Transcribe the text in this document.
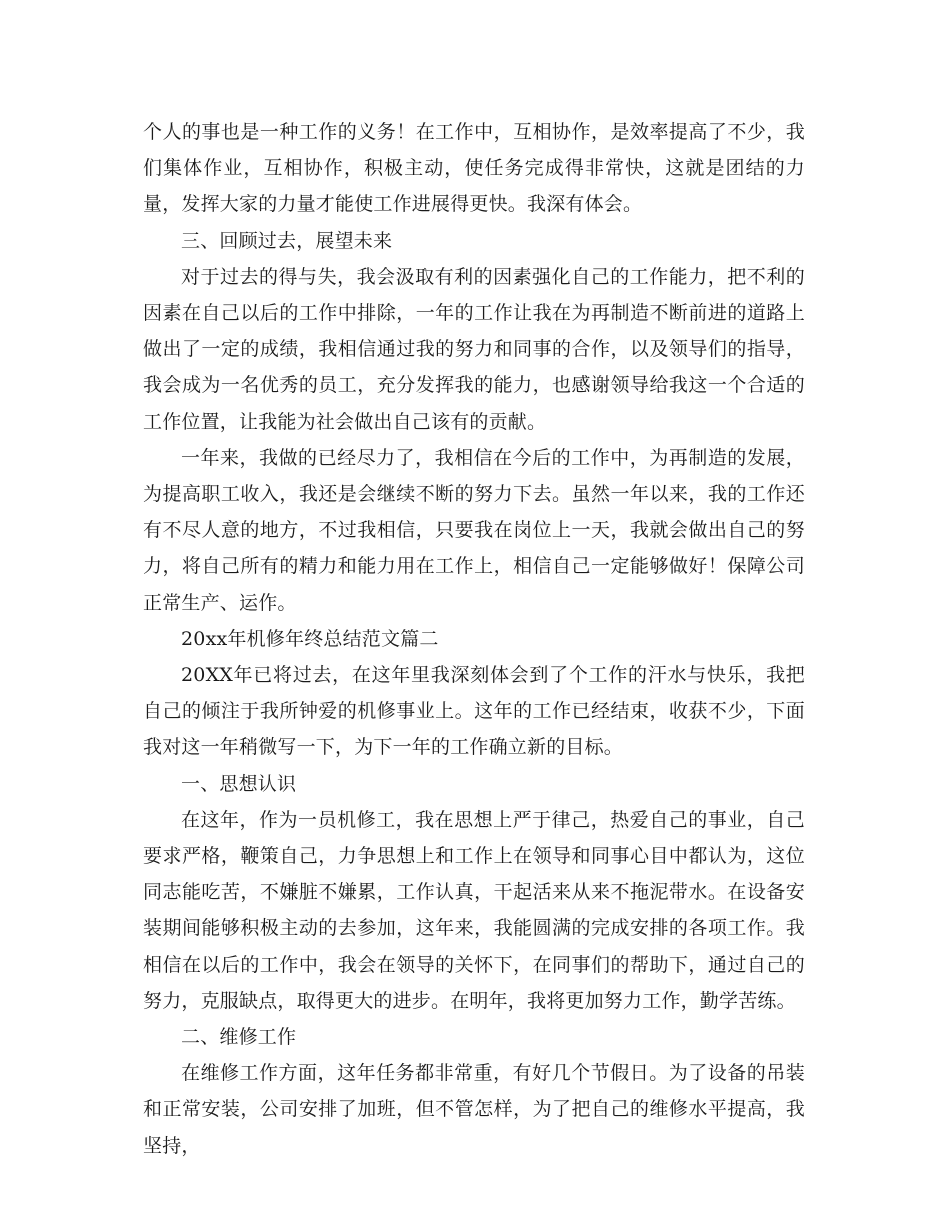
个人的事也是一种工作的义务！在工作中，互相协作，是效率提高了不少，我们集体作业，互相协作，积极主动，使任务完成得非常快，这就是团结的力量，发挥大家的力量才能使工作进展得更快。我深有体会。

三、回顾过去，展望未来

对于过去的得与失，我会汲取有利的因素强化自己的工作能力，把不利的因素在自己以后的工作中排除，一年的工作让我在为再制造不断前进的道路上做出了一定的成绩，我相信通过我的努力和同事的合作，以及领导们的指导，我会成为一名优秀的员工，充分发挥我的能力，也感谢领导给我这一个合适的工作位置，让我能为社会做出自己该有的贡献。

一年来，我做的已经尽力了，我相信在今后的工作中，为再制造的发展，为提高职工收入，我还是会继续不断的努力下去。虽然一年以来，我的工作还有不尽人意的地方，不过我相信，只要我在岗位上一天，我就会做出自己的努力，将自己所有的精力和能力用在工作上，相信自己一定能够做好！保障公司正常生产、运作。

20xx年机修年终总结范文篇二

20XX年已将过去，在这年里我深刻体会到了个工作的汗水与快乐，我把自己的倾注于我所钟爱的机修事业上。这年的工作已经结束，收获不少，下面我对这一年稍微写一下，为下一年的工作确立新的目标。

一、思想认识

在这年，作为一员机修工，我在思想上严于律己，热爱自己的事业，自己要求严格，鞭策自己，力争思想上和工作上在领导和同事心目中都认为，这位同志能吃苦，不嫌脏不嫌累，工作认真，干起活来从来不拖泥带水。在设备安装期间能够积极主动的去参加，这年来，我能圆满的完成安排的各项工作。我相信在以后的工作中，我会在领导的关怀下，在同事们的帮助下，通过自己的努力，克服缺点，取得更大的进步。在明年，我将更加努力工作，勤学苦练。

二、维修工作

在维修工作方面，这年任务都非常重，有好几个节假日。为了设备的吊装和正常安装，公司安排了加班，但不管怎样，为了把自己的维修水平提高，我坚持，
